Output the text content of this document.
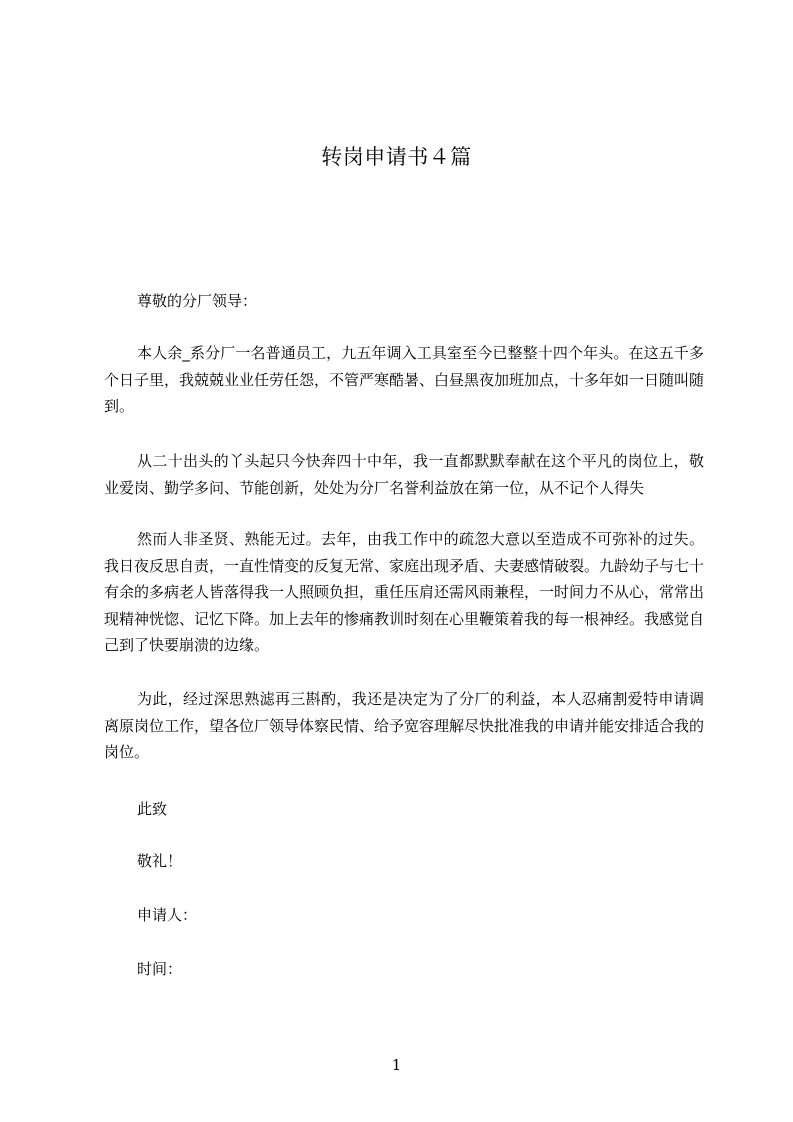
转岗申请书４篇
尊敬的分厂领导：

本人余_系分厂一名普通员工，九五年调入工具室至今已整整十四个年头。在这五千多个日子里，我兢兢业业任劳任怨，不管严寒酷暑、白昼黑夜加班加点，十多年如一日随叫随到。

从二十出头的丫头起只今快奔四十中年，我一直都默默奉献在这个平凡的岗位上，敬业爱岗、勤学多问、节能创新，处处为分厂名誉利益放在第一位，从不记个人得失

然而人非圣贤、熟能无过。去年，由我工作中的疏忽大意以至造成不可弥补的过失。我日夜反思自责，一直性情变的反复无常、家庭出现矛盾、夫妻感情破裂。九龄幼子与七十有余的多病老人皆落得我一人照顾负担，重任压肩还需风雨兼程，一时间力不从心，常常出现精神恍惚、记忆下降。加上去年的惨痛教训时刻在心里鞭策着我的每一根神经。我感觉自己到了快要崩溃的边缘。

为此，经过深思熟滤再三斟酌，我还是决定为了分厂的利益，本人忍痛割爱特申请调离原岗位工作，望各位厂领导体察民情、给予宽容理解尽快批准我的申请并能安排适合我的岗位。

此致
敬礼！
申请人：
时间：
1
